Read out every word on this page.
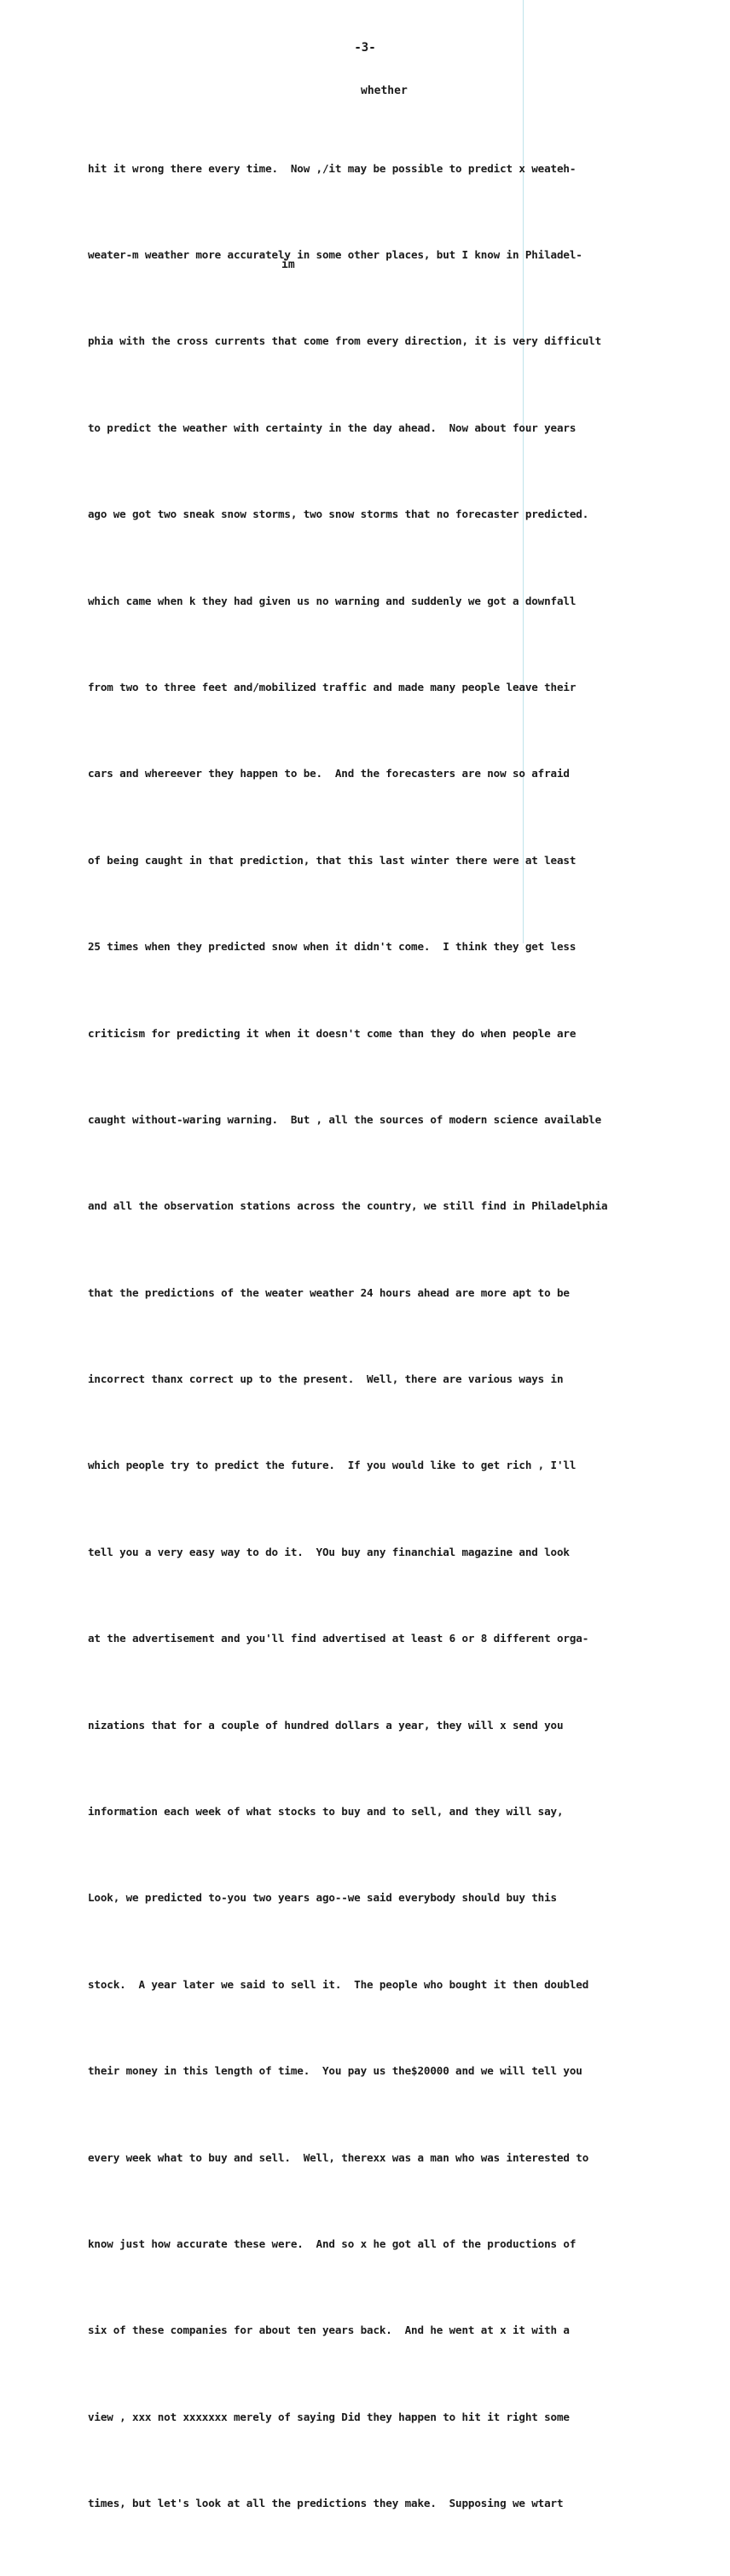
-3-
whether
im

hit it wrong there every time.  Now ,/it may be possible to predict x weateh-

weater-m weather more accurately in some other places, but I know in Philadel-

phia with the cross currents that come from every direction, it is very difficult

to predict the weather with certainty in the day ahead.  Now about four years

ago we got two sneak snow storms, two snow storms that no forecaster predicted.

which came when k they had given us no warning and suddenly we got a downfall

from two to three feet and/mobilized traffic and made many people leave their

cars and whereever they happen to be.  And the forecasters are now so afraid

of being caught in that prediction, that this last winter there were at least

25 times when they predicted snow when it didn't come.  I think they get less

criticism for predicting it when it doesn't come than they do when people are

caught without-waring warning.  But , all the sources of modern science available

and all the observation stations across the country, we still find in Philadelphia

that the predictions of the weater weather 24 hours ahead are more apt to be

incorrect thanx correct up to the present.  Well, there are various ways in

which people try to predict the future.  If you would like to get rich , I'll

tell you a very easy way to do it.  YOu buy any financhial magazine and look

at the advertisement and you'll find advertised at least 6 or 8 different orga-

nizations that for a couple of hundred dollars a year, they will x send you

information each week of what stocks to buy and to sell, and they will say,

Look, we predicted to-you two years ago--we said everybody should buy this

stock.  A year later we said to sell it.  The people who bought it then doubled

their money in this length of time.  You pay us the$20000 and we will tell you

every week what to buy and sell.  Well, therexx was a man who was interested to

know just how accurate these were.  And so x he got all of the productions of

six of these companies for about ten years back.  And he went at x it with a

view , xxx not xxxxxxx merely of saying Did they happen to hit it right some

times, but let's look at all the predictions they make.  Supposing we wtart
